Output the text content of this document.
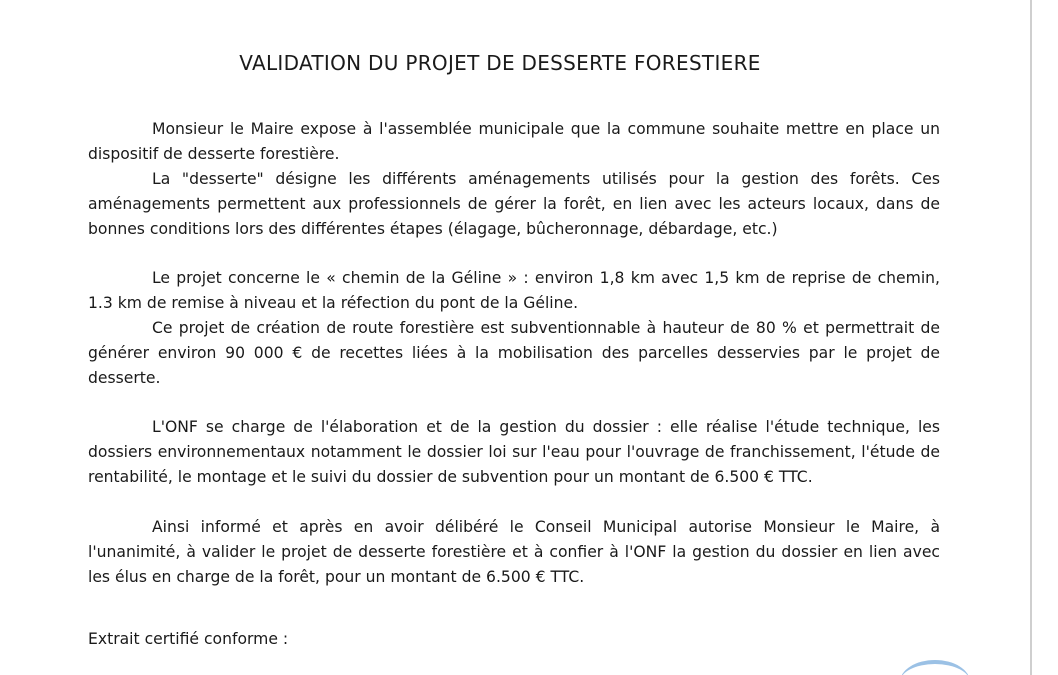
VALIDATION DU PROJET DE DESSERTE FORESTIERE

Monsieur le Maire expose à l'assemblée municipale que la commune souhaite mettre en place un dispositif de desserte forestière.

La "desserte" désigne les différents aménagements utilisés pour la gestion des forêts. Ces aménagements permettent aux professionnels de gérer la forêt, en lien avec les acteurs locaux, dans de bonnes conditions lors des différentes étapes (élagage, bûcheronnage, débardage, etc.)

Le projet concerne le « chemin de la Géline » : environ 1,8 km avec 1,5 km de reprise de chemin, 1.3 km de remise à niveau et la réfection du pont de la Géline.

Ce projet de création de route forestière est subventionnable à hauteur de 80 % et permettrait de générer environ 90 000 € de recettes liées à la mobilisation des parcelles desservies par le projet de desserte.

L'ONF se charge de l'élaboration et de la gestion du dossier : elle réalise l'étude technique, les dossiers environnementaux notamment le dossier loi sur l'eau pour l'ouvrage de franchissement, l'étude de rentabilité, le montage et le suivi du dossier de subvention pour un montant de 6.500 € TTC.

Ainsi informé et après en avoir délibéré le Conseil Municipal autorise Monsieur le Maire, à l'unanimité, à valider le projet de desserte forestière et à confier à l'ONF la gestion du dossier en lien avec les élus en charge de la forêt, pour un montant de 6.500 € TTC.

Extrait certifié conforme :
